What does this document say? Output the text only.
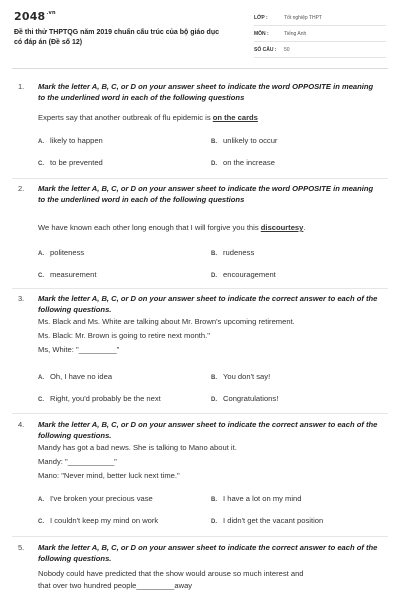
$2048^{.vn}$
Đề thi thử THPTQG năm 2019 chuẩn cấu trúc của bộ giáo dục có đáp án (Đề số 12)
LỚP :	Tốt nghiệp THPT
MÔN :	Tiếng Anh
SỐ CÂU : 50
1. Mark the letter A, B, C, or D on your answer sheet to indicate the word OPPOSITE in meaning to the underlined word in each of the following questions
Experts say that another outbreak of flu epidemic is on the cards
A. likely to happen	B. unlikely to occur
C. to be prevented	D. on the increase
2. Mark the letter A, B, C, or D on your answer sheet to indicate the word OPPOSITE in meaning to the underlined word in each of the following questions
We have known each other long enough that I will forgive you this discourtesy.
A. politeness	B. rudeness
C. measurement	D. encouragement
3. Mark the letter A, B, C, or D on your answer sheet to indicate the correct answer to each of the following questions.
Ms. Black and Ms. White are talking about Mr. Brown's upcoming retirement.
Ms. Black: Mr. Brown is going to retire next month."
Ms, White: "_________"
A. Oh, I have no idea	B. You don't say!
C. Right, you'd probably be the next	D. Congratulations!
4. Mark the letter A, B, C, or D on your answer sheet to indicate the correct answer to each of the following questions.
Mandy has got a bad news. She is talking to Mano about it.
Mandy: "___________"
Mano: "Never mind, better luck next time."
A. I've broken your precious vase	B. I have a lot on my mind
C. I couldn't keep my mind on work	D. I didn't get the vacant position
5. Mark the letter A, B, C, or D on your answer sheet to indicate the correct answer to each of the following questions.
Nobody could have predicted that the show would arouse so much interest and
that over two hundred people_________away
